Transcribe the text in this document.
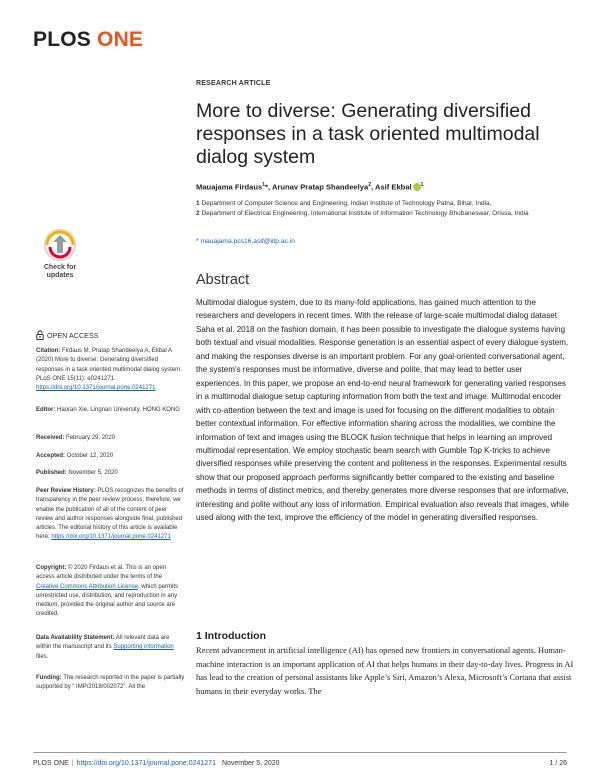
PLOS ONE
RESEARCH ARTICLE
More to diverse: Generating diversified responses in a task oriented multimodal dialog system
Mauajama Firdaus$^1$*, Arunav Pratap Shandeelya$^2$, Asif Ekbal $^1$
1 Department of Computer Science and Engineering, Indian Institute of Technology Patna, Bihar, India,
2 Department of Electrical Engineering, International Institute of Information Technology Bhubaneswar, Orissa, India
* mauajama.pcs16,asif@iitp.ac.in
Check for
updates
OPEN ACCESS
Citation: Firdaus M, Pratap Shandeelya A, Ekbal A (2020) More to diverse: Generating diversified responses in a task oriented multimodal dialog system. PLoS ONE 15(11): e0241271. https://doi.org/10.1371/journal.pone.0241271
Editor: Haoran Xie, Lingnan University, HONG KONG
Received: February 29, 2020
Accepted: October 12, 2020
Published: November 5, 2020
Peer Review History: PLOS recognizes the benefits of transparency in the peer review process; therefore, we enable the publication of all of the content of peer review and author responses alongside final, published articles. The editorial history of this article is available here: https://doi.org/10.1371/journal.pone.0241271
Copyright: © 2020 Firdaus et al. This is an open access article distributed under the terms of the Creative Commons Attribution License, which permits unrestricted use, distribution, and reproduction in any medium, provided the original author and source are credited.
Data Availability Statement: All relevant data are within the manuscript and its Supporting information files.
Funding: The research reported in the paper is partially supported by “ IMP/2018/002072”. All the
Abstract

Multimodal dialogue system, due to its many-fold applications, has gained much attention to the researchers and developers in recent times. With the release of large-scale multimodal dialog dataset Saha et al. 2018 on the fashion domain, it has been possible to investigate the dialogue systems having both textual and visual modalities. Response generation is an essential aspect of every dialogue system, and making the responses diverse is an important problem. For any goal-oriented conversational agent, the system’s responses must be informative, diverse and polite, that may lead to better user experiences. In this paper, we propose an end-to-end neural framework for generating varied responses in a multimodal dialogue setup capturing information from both the text and image. Multimodal encoder with co-attention between the text and image is used for focusing on the different modalities to obtain better contextual information. For effective information sharing across the modalities, we combine the information of text and images using the BLOCK fusion technique that helps in learning an improved multimodal representation. We employ stochastic beam search with Gumble Top K-tricks to achieve diversified responses while preserving the content and politeness in the responses. Experimental results show that our proposed approach performs significantly better compared to the existing and baseline methods in terms of distinct metrics, and thereby generates more diverse responses that are informative, interesting and polite without any loss of information. Empirical evaluation also reveals that images, while used along with the text, improve the efficiency of the model in generating diversified responses.

1 Introduction

Recent advancement in artificial intelligence (AI) has opened new frontiers in conversational agents. Human-machine interaction is an important application of AI that helps humans in their day-to-day lives. Progress in AI has lead to the creation of personal assistants like Apple’s Siri, Amazon’s Alexa, Microsoft’s Cortana that assist humans in their everyday works. The

PLOS ONE | https://doi.org/10.1371/journal.pone.0241271 November 5, 2020	1 / 26
